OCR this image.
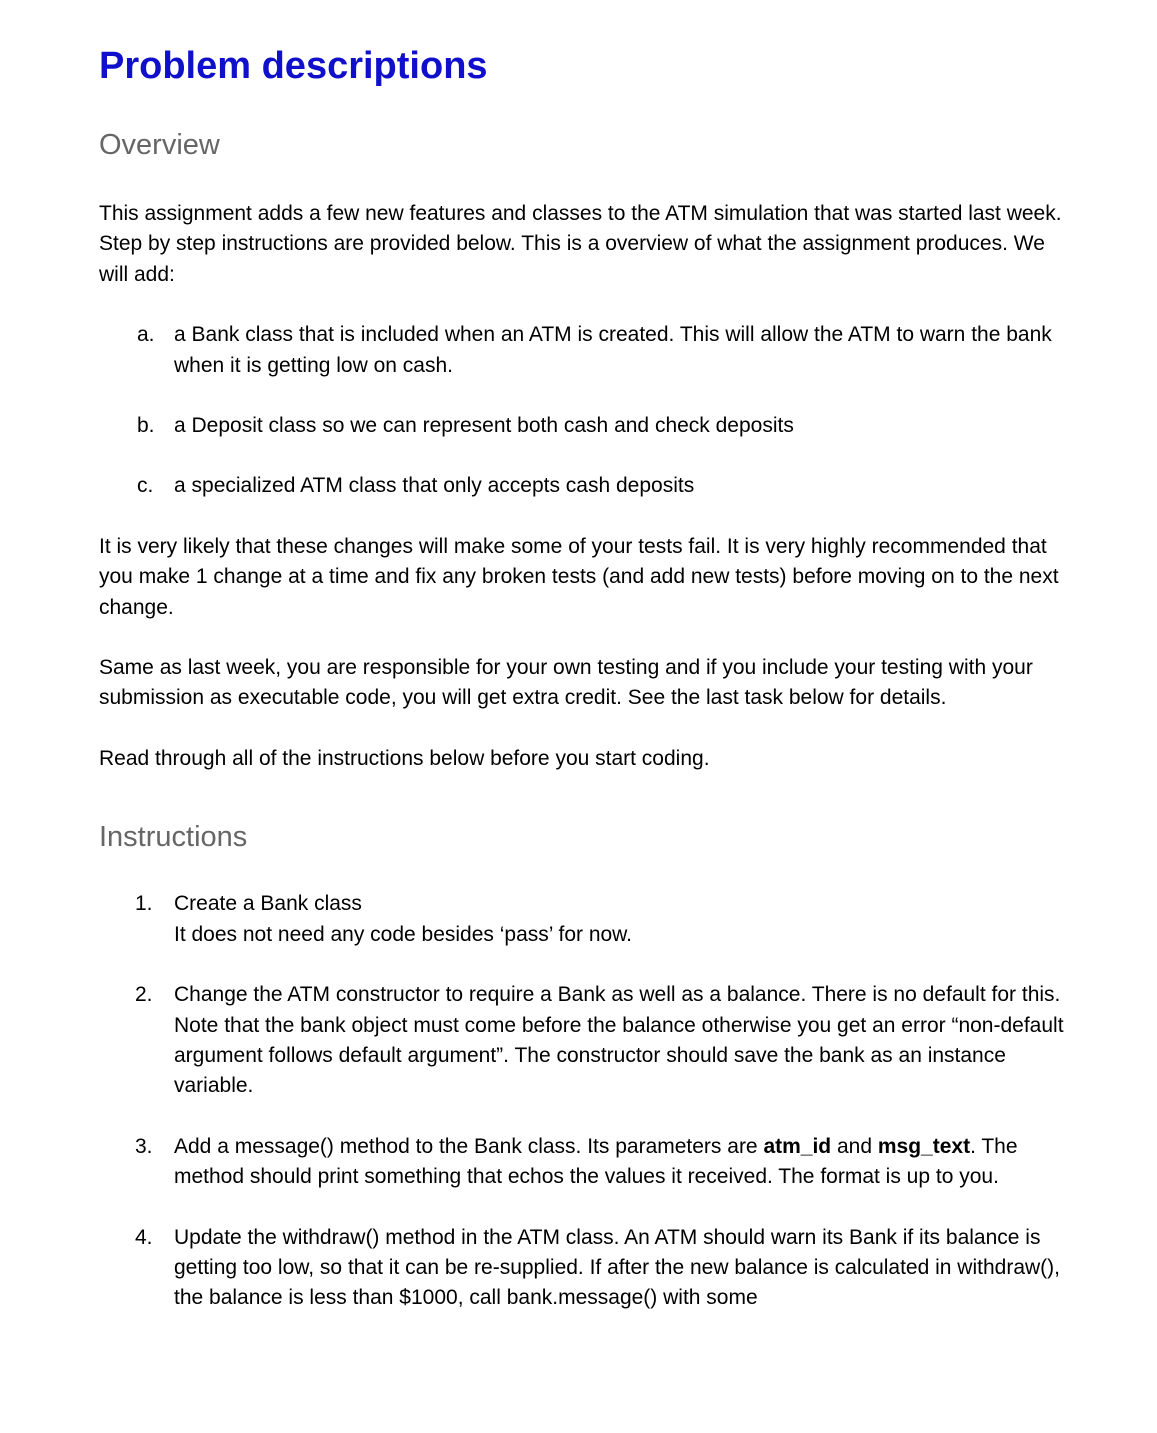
Problem descriptions
Overview

This assignment adds a few new features and classes to the ATM simulation that was started last week. Step by step instructions are provided below. This is a overview of what the assignment produces. We will add:

a. a Bank class that is included when an ATM is created. This will allow the ATM to warn the bank when it is getting low on cash.
b. a Deposit class so we can represent both cash and check deposits
c. a specialized ATM class that only accepts cash deposits

It is very likely that these changes will make some of your tests fail. It is very highly recommended that you make 1 change at a time and fix any broken tests (and add new tests) before moving on to the next change.

Same as last week, you are responsible for your own testing and if you include your testing with your submission as executable code, you will get extra credit. See the last task below for details.

Read through all of the instructions below before you start coding.

Instructions
1. Create a Bank class
It does not need any code besides ‘pass’ for now.
2. Change the ATM constructor to require a Bank as well as a balance. There is no default for this. Note that the bank object must come before the balance otherwise you get an error “non-default argument follows default argument”. The constructor should save the bank as an instance variable.
3. Add a message() method to the Bank class. Its parameters are atm_id and msg_text. The method should print something that echos the values it received. The format is up to you.
4. Update the withdraw() method in the ATM class. An ATM should warn its Bank if its balance is getting too low, so that it can be re-supplied. If after the new balance is calculated in withdraw(), the balance is less than $1000, call bank.message() with some
